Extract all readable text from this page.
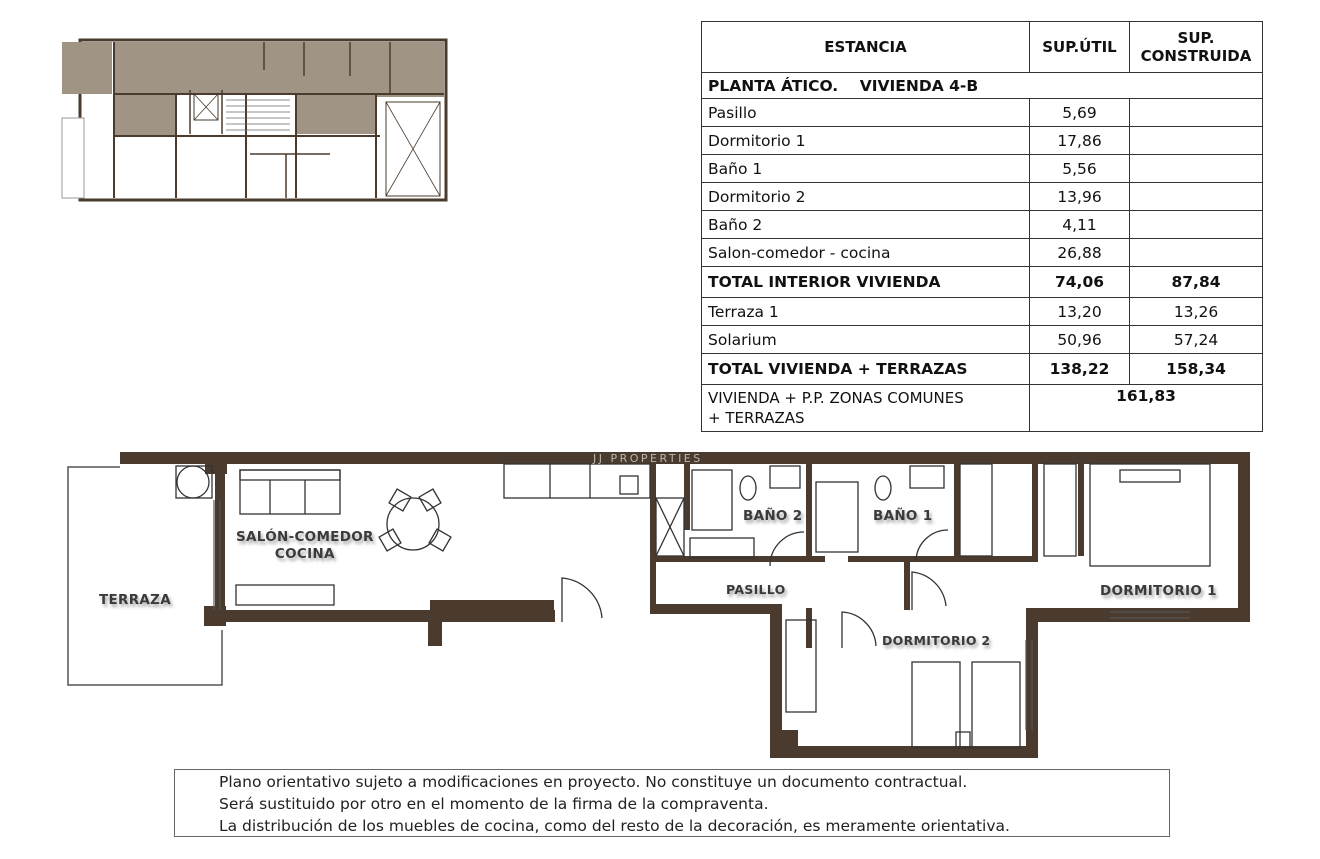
ESTANCIA	SUP.ÚTIL	SUP.
CONSTRUIDA
PLANTA ÁTICO.    VIVIENDA 4-B		
Pasillo	5,69	
Dormitorio 1	17,86	
Baño 1	5,56	
Dormitorio 2	13,96	
Baño 2	4,11	
Salon-comedor - cocina	26,88	
TOTAL INTERIOR VIVIENDA	74,06	87,84
Terraza 1	13,20	13,26
Solarium	50,96	57,24
TOTAL VIVIENDA + TERRAZAS	138,22	158,34
VIVIENDA + P.P. ZONAS COMUNES
+ TERRAZAS	161,83	
JJ PROPERTIES
SALÓN-COMEDOR
COCINA
TERRAZA
BAÑO 2	BAÑO 1
PASILLO	DORMITORIO 1
DORMITORIO 2
Plano orientativo sujeto a modificaciones en proyecto. No constituye un documento contractual.
Será sustituido por otro en el momento de la firma de la compraventa.
La distribución de los muebles de cocina, como del resto de la decoración, es meramente orientativa.
